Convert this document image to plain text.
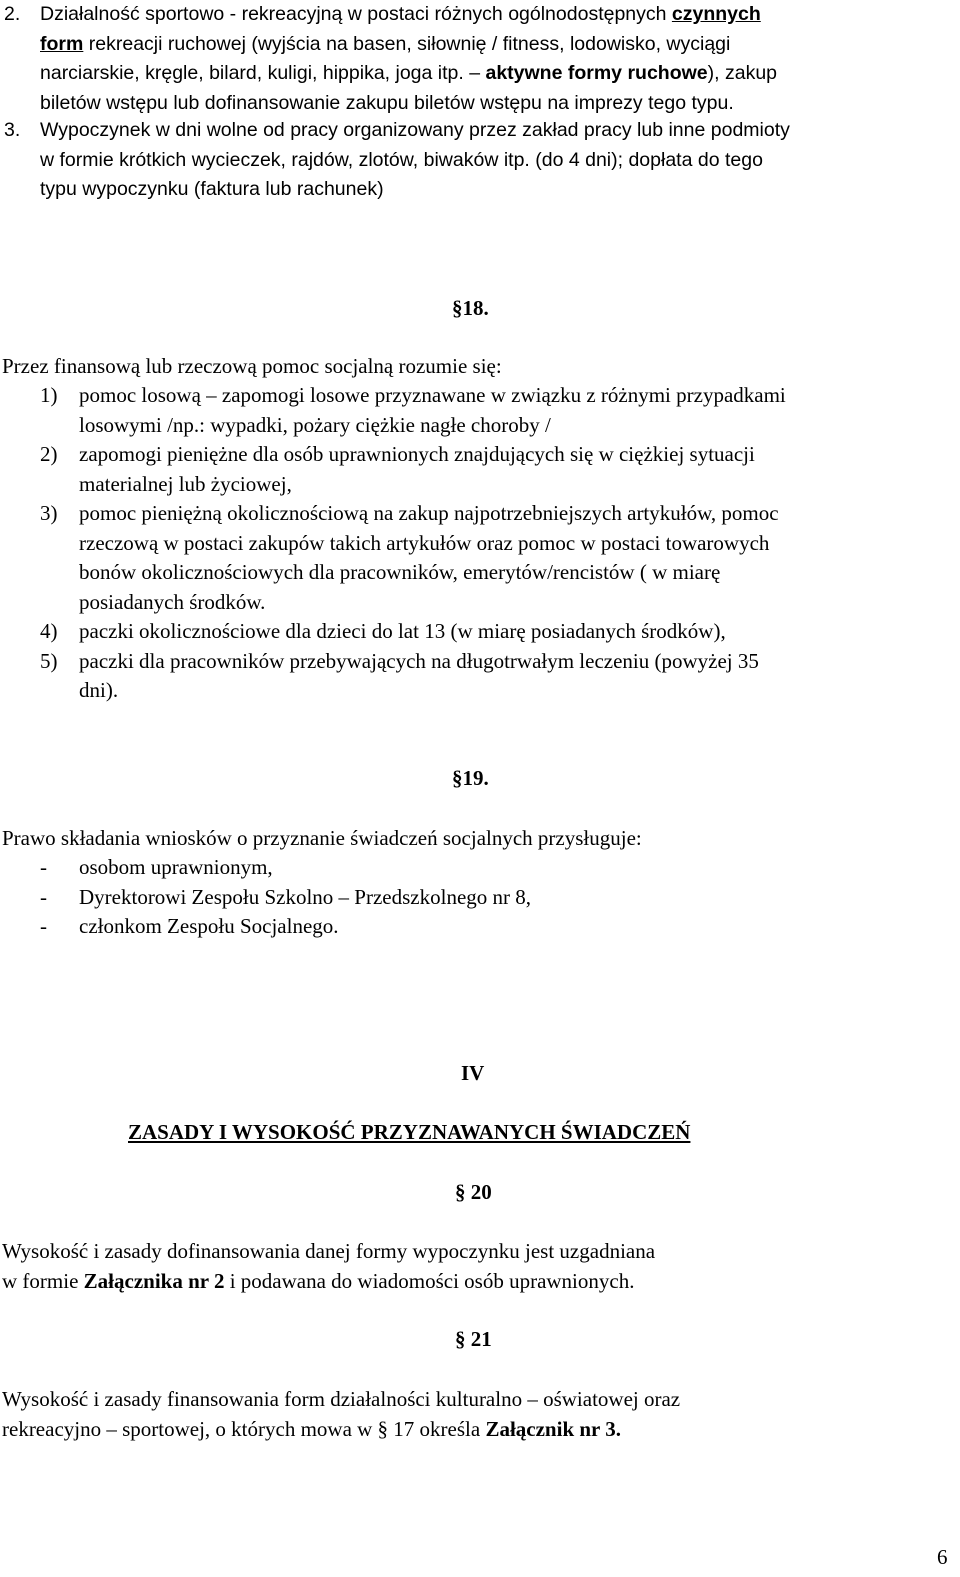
2. Działalność sportowo - rekreacyjną w postaci różnych ogólnodostępnych czynnych
form rekreacji ruchowej (wyjścia na basen, siłownię / fitness, lodowisko, wyciągi
narciarskie, kręgle, bilard, kuligi, hippika, joga itp. – aktywne formy ruchowe), zakup
biletów wstępu lub dofinansowanie zakupu biletów wstępu na imprezy tego typu.
3. Wypoczynek w dni wolne od pracy organizowany przez zakład pracy lub inne podmioty
w formie krótkich wycieczek, rajdów, zlotów, biwaków itp. (do 4 dni); dopłata do tego
typu wypoczynku (faktura lub rachunek)
§18.
Przez finansową lub rzeczową pomoc socjalną rozumie się:
1) pomoc losową – zapomogi losowe przyznawane w związku z różnymi przypadkami
losowymi /np.: wypadki, pożary ciężkie nagłe choroby /
2) zapomogi pieniężne dla osób uprawnionych znajdujących się w ciężkiej sytuacji
materialnej lub życiowej,
3) pomoc pieniężną okolicznościową na zakup najpotrzebniejszych artykułów, pomoc
rzeczową w postaci zakupów takich artykułów oraz pomoc w postaci towarowych
bonów okolicznościowych dla pracowników, emerytów/rencistów ( w miarę
posiadanych środków.
4) paczki okolicznościowe dla dzieci do lat 13 (w miarę posiadanych środków),
5) paczki dla pracowników przebywających na długotrwałym leczeniu (powyżej 35
dni).
§19.
Prawo składania wniosków o przyznanie świadczeń socjalnych przysługuje:
- osobom uprawnionym,
- Dyrektorowi Zespołu Szkolno – Przedszkolnego nr 8,
- członkom Zespołu Socjalnego.
IV
ZASADY I WYSOKOŚĆ PRZYZNAWANYCH ŚWIADCZEŃ
§ 20
Wysokość i zasady dofinansowania danej formy wypoczynku jest uzgadniana
w formie Załącznika nr 2 i podawana do wiadomości osób uprawnionych.
§ 21
Wysokość i zasady finansowania form działalności kulturalno – oświatowej oraz
rekreacyjno – sportowej, o których mowa w § 17 określa Załącznik nr 3.
6
